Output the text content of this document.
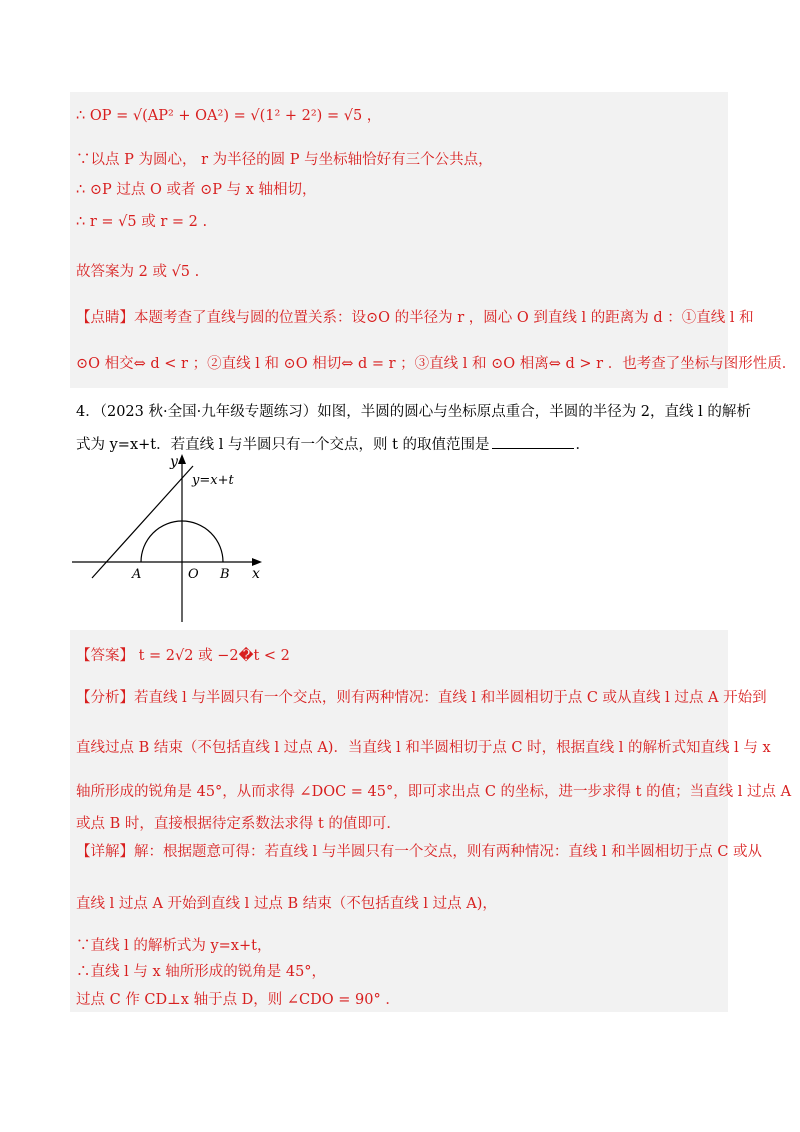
∴ OP = √(AP² + OA²) = √(1² + 2²) = √5 ，
∵以点 P 为圆心， r 为半径的圆 P 与坐标轴恰好有三个公共点，
∴ ⊙P 过点 O 或者 ⊙P 与 x 轴相切，
∴ r = √5 或 r = 2 .
故答案为 2 或 √5 .
【点睛】本题考查了直线与圆的位置关系：设⊙O 的半径为 r ，圆心 O 到直线 l 的距离为 d ：①直线 l 和
⊙O 相交⇔ d < r ；②直线 l 和 ⊙O 相切⇔ d = r ；③直线 l 和 ⊙O 相离⇔ d > r ．也考查了坐标与图形性质．
4．（2023 秋·全国·九年级专题练习）如图，半圆的圆心与坐标原点重合，半圆的半径为 2，直线 l 的解析
式为 y=x+t．若直线 l 与半圆只有一个交点，则 t 的取值范围是	．
y
x
y=x+t
A	O B
【答案】 t = 2√2 或 −2�t < 2
【分析】若直线 l 与半圆只有一个交点，则有两种情况：直线 l 和半圆相切于点 C 或从直线 l 过点 A 开始到
直线过点 B 结束（不包括直线 l 过点 A)．当直线 l 和半圆相切于点 C 时，根据直线 l 的解析式知直线 l 与 x
轴所形成的锐角是 45°，从而求得 ∠DOC = 45°，即可求出点 C 的坐标，进一步求得 t 的值；当直线 l 过点 A
或点 B 时，直接根据待定系数法求得 t 的值即可．
【详解】解：根据题意可得：若直线 l 与半圆只有一个交点，则有两种情况：直线 l 和半圆相切于点 C 或从
直线 l 过点 A 开始到直线 l 过点 B 结束（不包括直线 l 过点 A)，
∵直线 l 的解析式为 y=x+t，
∴直线 l 与 x 轴所形成的锐角是 45°，
过点 C 作 CD⊥x 轴于点 D，则 ∠CDO = 90° ．
